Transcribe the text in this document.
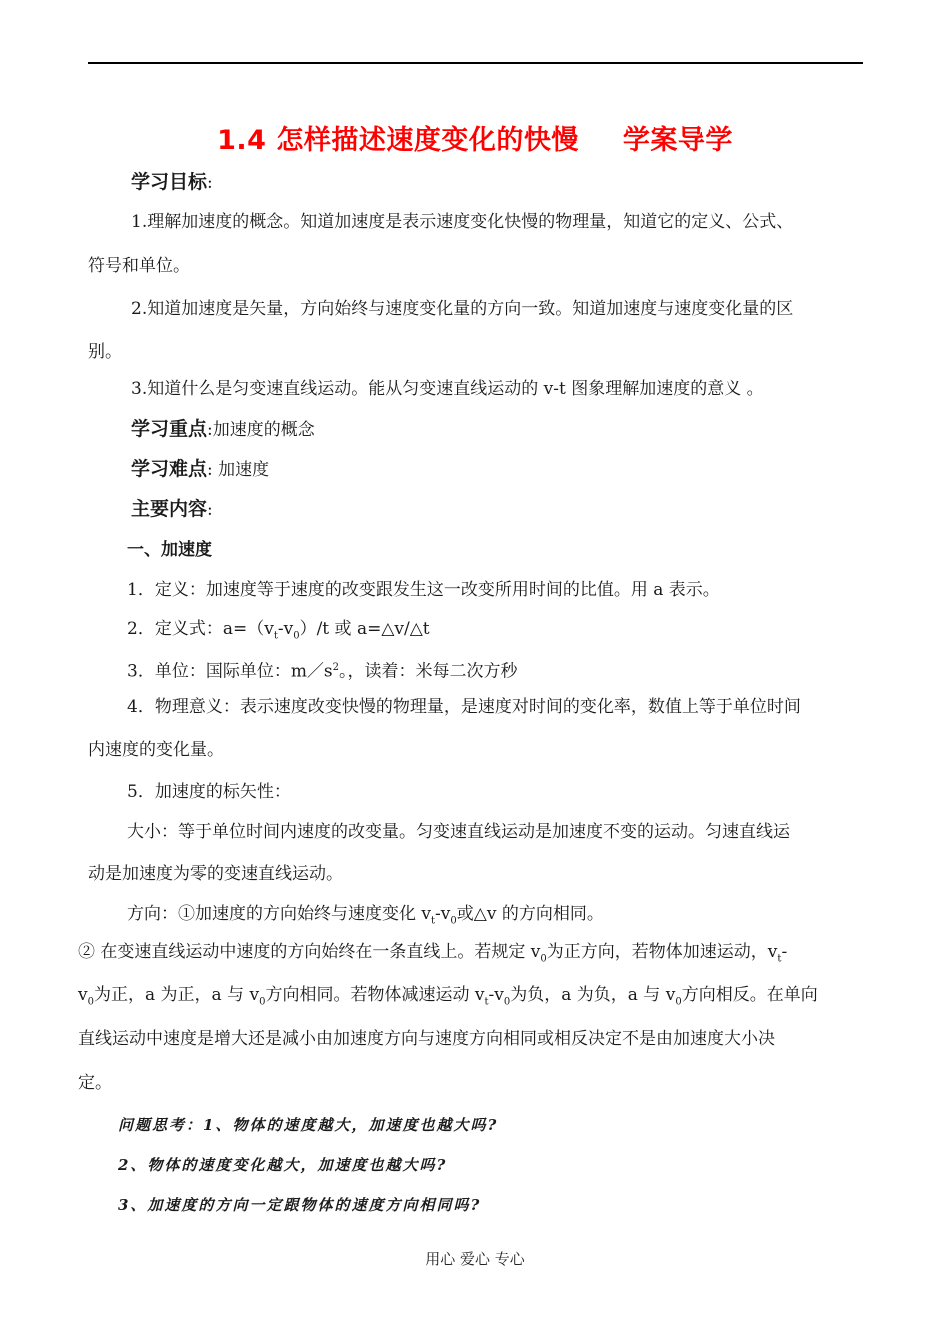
1.4 怎样描述速度变化的快慢 学案导学
学习目标:
1.理解加速度的概念。知道加速度是表示速度变化快慢的物理量，知道它的定义、公式、
符号和单位。
2.知道加速度是矢量，方向始终与速度变化量的方向一致。知道加速度与速度变化量的区
别。
3.知道什么是匀变速直线运动。能从匀变速直线运动的 v-t 图象理解加速度的意义 。
学习重点:加速度的概念
学习难点: 加速度
主要内容:
一、加速度
1．定义：加速度等于速度的改变跟发生这一改变所用时间的比值。用 a 表示。
2．定义式：$a=(v_t-v_0)/t$ 或 a=△v/△t
3．单位：国际单位：$m/s^2$。，读着：米每二次方秒
4．物理意义：表示速度改变快慢的物理量，是速度对时间的变化率，数值上等于单位时间
内速度的变化量。
5．加速度的标矢性：
大小：等于单位时间内速度的改变量。匀变速直线运动是加速度不变的运动。匀速直线运
动是加速度为零的变速直线运动。
方向：①加速度的方向始终与速度变化 $v_t-v_0$或△v 的方向相同。
② 在变速直线运动中速度的方向始终在一条直线上。若规定 $v_0$为正方向，若物体加速运动，$v_t-$
$v_0$为正，a 为正，a 与 $v_0$方向相同。若物体减速运动 $v_t-v_0$为负，a 为负，a 与 $v_0$方向相反。在单向
直线运动中速度是增大还是减小由加速度方向与速度方向相同或相反决定不是由加速度大小决
定。
问题思考：1、物体的速度越大，加速度也越大吗?
2、物体的速度变化越大，加速度也越大吗?
3、加速度的方向一定跟物体的速度方向相同吗?
用心 爱心 专心
